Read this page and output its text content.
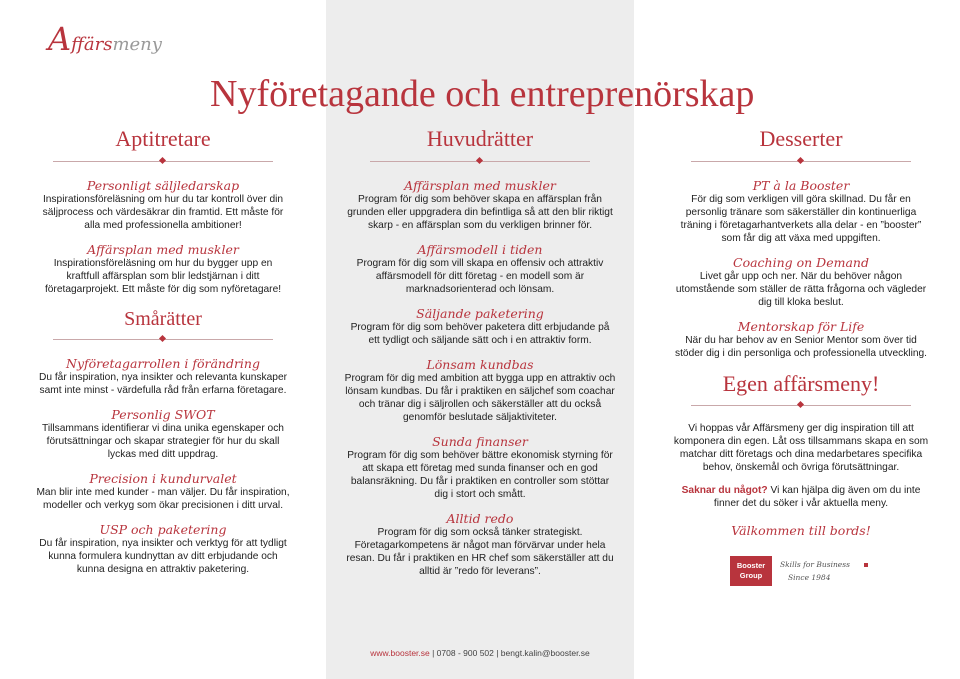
Affärsmeny
Nyföretagande och entreprenörskap
Aptitretare
Personligt säljledarskap
Inspirationsföreläsning om hur du tar kontroll över din säljprocess och värdesäkrar din framtid. Ett måste för alla med professionella ambitioner!
Affärsplan med muskler
Inspirationsföreläsning om hur du bygger upp en kraftfull affärsplan som blir ledstjärnan i ditt företagarprojekt. Ett måste för dig som nyföretagare!
Smårätter
Nyföretagarrollen i förändring
Du får inspiration, nya insikter och relevanta kunskaper samt inte minst - värdefulla råd från erfarna företagare.
Personlig SWOT
Tillsammans identifierar vi dina unika egenskaper och förutsättningar och skapar strategier för hur du skall lyckas med ditt uppdrag.
Precision i kundurvalet
Man blir inte med kunder - man väljer. Du får inspiration, modeller och verkyg som ökar precisionen i ditt urval.
USP och paketering
Du får inspiration, nya insikter och verktyg för att tydligt kunna formulera kundnyttan av ditt erbjudande och kunna designa en attraktiv paketering.
Huvudrätter
Affärsplan med muskler
Program för dig som behöver skapa en affärsplan från grunden eller uppgradera din befintliga så att den blir riktigt skarp - en affärsplan som du verkligen brinner för.
Affärsmodell i tiden
Program för dig som vill skapa en offensiv och attraktiv affärsmodell för ditt företag - en modell som är marknadsorienterad och lönsam.
Säljande paketering
Program för dig som behöver paketera ditt erbjudande på ett tydligt och säljande sätt och i en attraktiv form.
Lönsam kundbas
Program för dig med ambition att bygga upp en attraktiv och lönsam kundbas. Du får i praktiken en säljchef som coachar och tränar dig i säljrollen och säkerställer att du också genomför beslutade säljaktiviteter.
Sunda finanser
Program för dig som behöver bättre ekonomisk styrning för att skapa ett företag med sunda finanser och en god balansräkning. Du får i praktiken en controller som stöttar dig i stort och smått.
Alltid redo
Program för dig som också tänker strategiskt. Företagarkompetens är något man förvärvar under hela resan. Du får i praktiken en HR chef som säkerställer att du alltid är ”redo för leverans”.
Desserter
PT à la Booster
För dig som verkligen vill göra skillnad. Du får en personlig tränare som säkerställer din kontinuerliga träning i företagarhantverkets alla delar - en ”booster” som får dig att växa med uppgiften.
Coaching on Demand
Livet går upp och ner. När du behöver någon utomstående som ställer de rätta frågorna och vägleder dig till kloka beslut.
Mentorskap för Life
När du har behov av en Senior Mentor som över tid stöder dig i din personliga och professionella utveckling.
Egen affärsmeny!
Vi hoppas vår Affärsmeny ger dig inspiration till att komponera din egen. Låt oss tillsammans skapa en som matchar ditt företags och dina medarbetares specifika behov, önskemål och övriga förutsättningar.
Saknar du något? Vi kan hjälpa dig även om du inte finner det du söker i vår aktuella meny.
Välkommen till bords!
Booster Group
Skills for Business
Since 1984
www.booster.se | 0708 - 900 502 | bengt.kalin@booster.se
